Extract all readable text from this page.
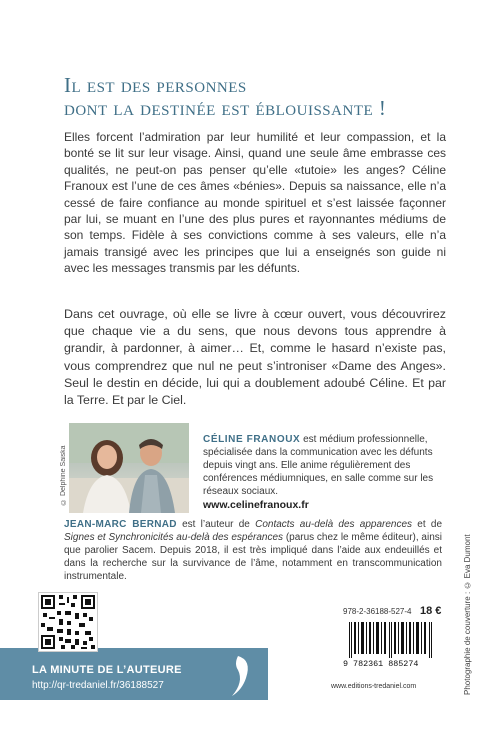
Il est des personnes
dont la destinée est éblouissante !
Elles forcent l’admiration par leur humilité et leur compassion, et la bonté se lit sur leur visage. Ainsi, quand une seule âme embrasse ces qualités, ne peut-on pas penser qu’elle «tutoie» les anges? Céline Franoux est l’une de ces âmes «bénies». Depuis sa naissance, elle n’a cessé de faire confiance au monde spirituel et s’est laissée façonner par lui, se muant en l’une des plus pures et rayonnantes médiums de son temps. Fidèle à ses convictions comme à ses valeurs, elle n’a jamais transigé avec les principes que lui a enseignés son guide ni avec les messages transmis par les défunts.
Dans cet ouvrage, où elle se livre à cœur ouvert, vous découvrirez que chaque vie a du sens, que nous devons tous apprendre à grandir, à pardonner, à aimer… Et, comme le hasard n’existe pas, vous comprendrez que nul ne peut s’introniser «Dame des Anges». Seul le destin en décide, lui qui a doublement adoubé Céline. Et par la Terre. Et par le Ciel.
© Delphine Saiska
CÉLINE FRANOUX est médium professionnelle, spécialisée dans la communication avec les défunts depuis vingt ans. Elle anime régulièrement des conférences médiumniques, en salle comme sur les réseaux sociaux.
www.celinefranoux.fr
JEAN-MARC BERNAD est l’auteur de Contacts au-delà des apparences et de Signes et Synchronicités au-delà des espérances (parus chez le même éditeur), ainsi que parolier Sacem. Depuis 2018, il est très impliqué dans l’aide aux endeuillés et dans la recherche sur la survivance de l’âme, notamment en transcommunication instrumentale.	Photographie de couverture : © Eva Dumont
LA MINUTE DE L’AUTEURE
http://qr-tredaniel.fr/36188527
978-2-36188-527-4 18 €
9 782361 885274
www.editions-tredaniel.com
